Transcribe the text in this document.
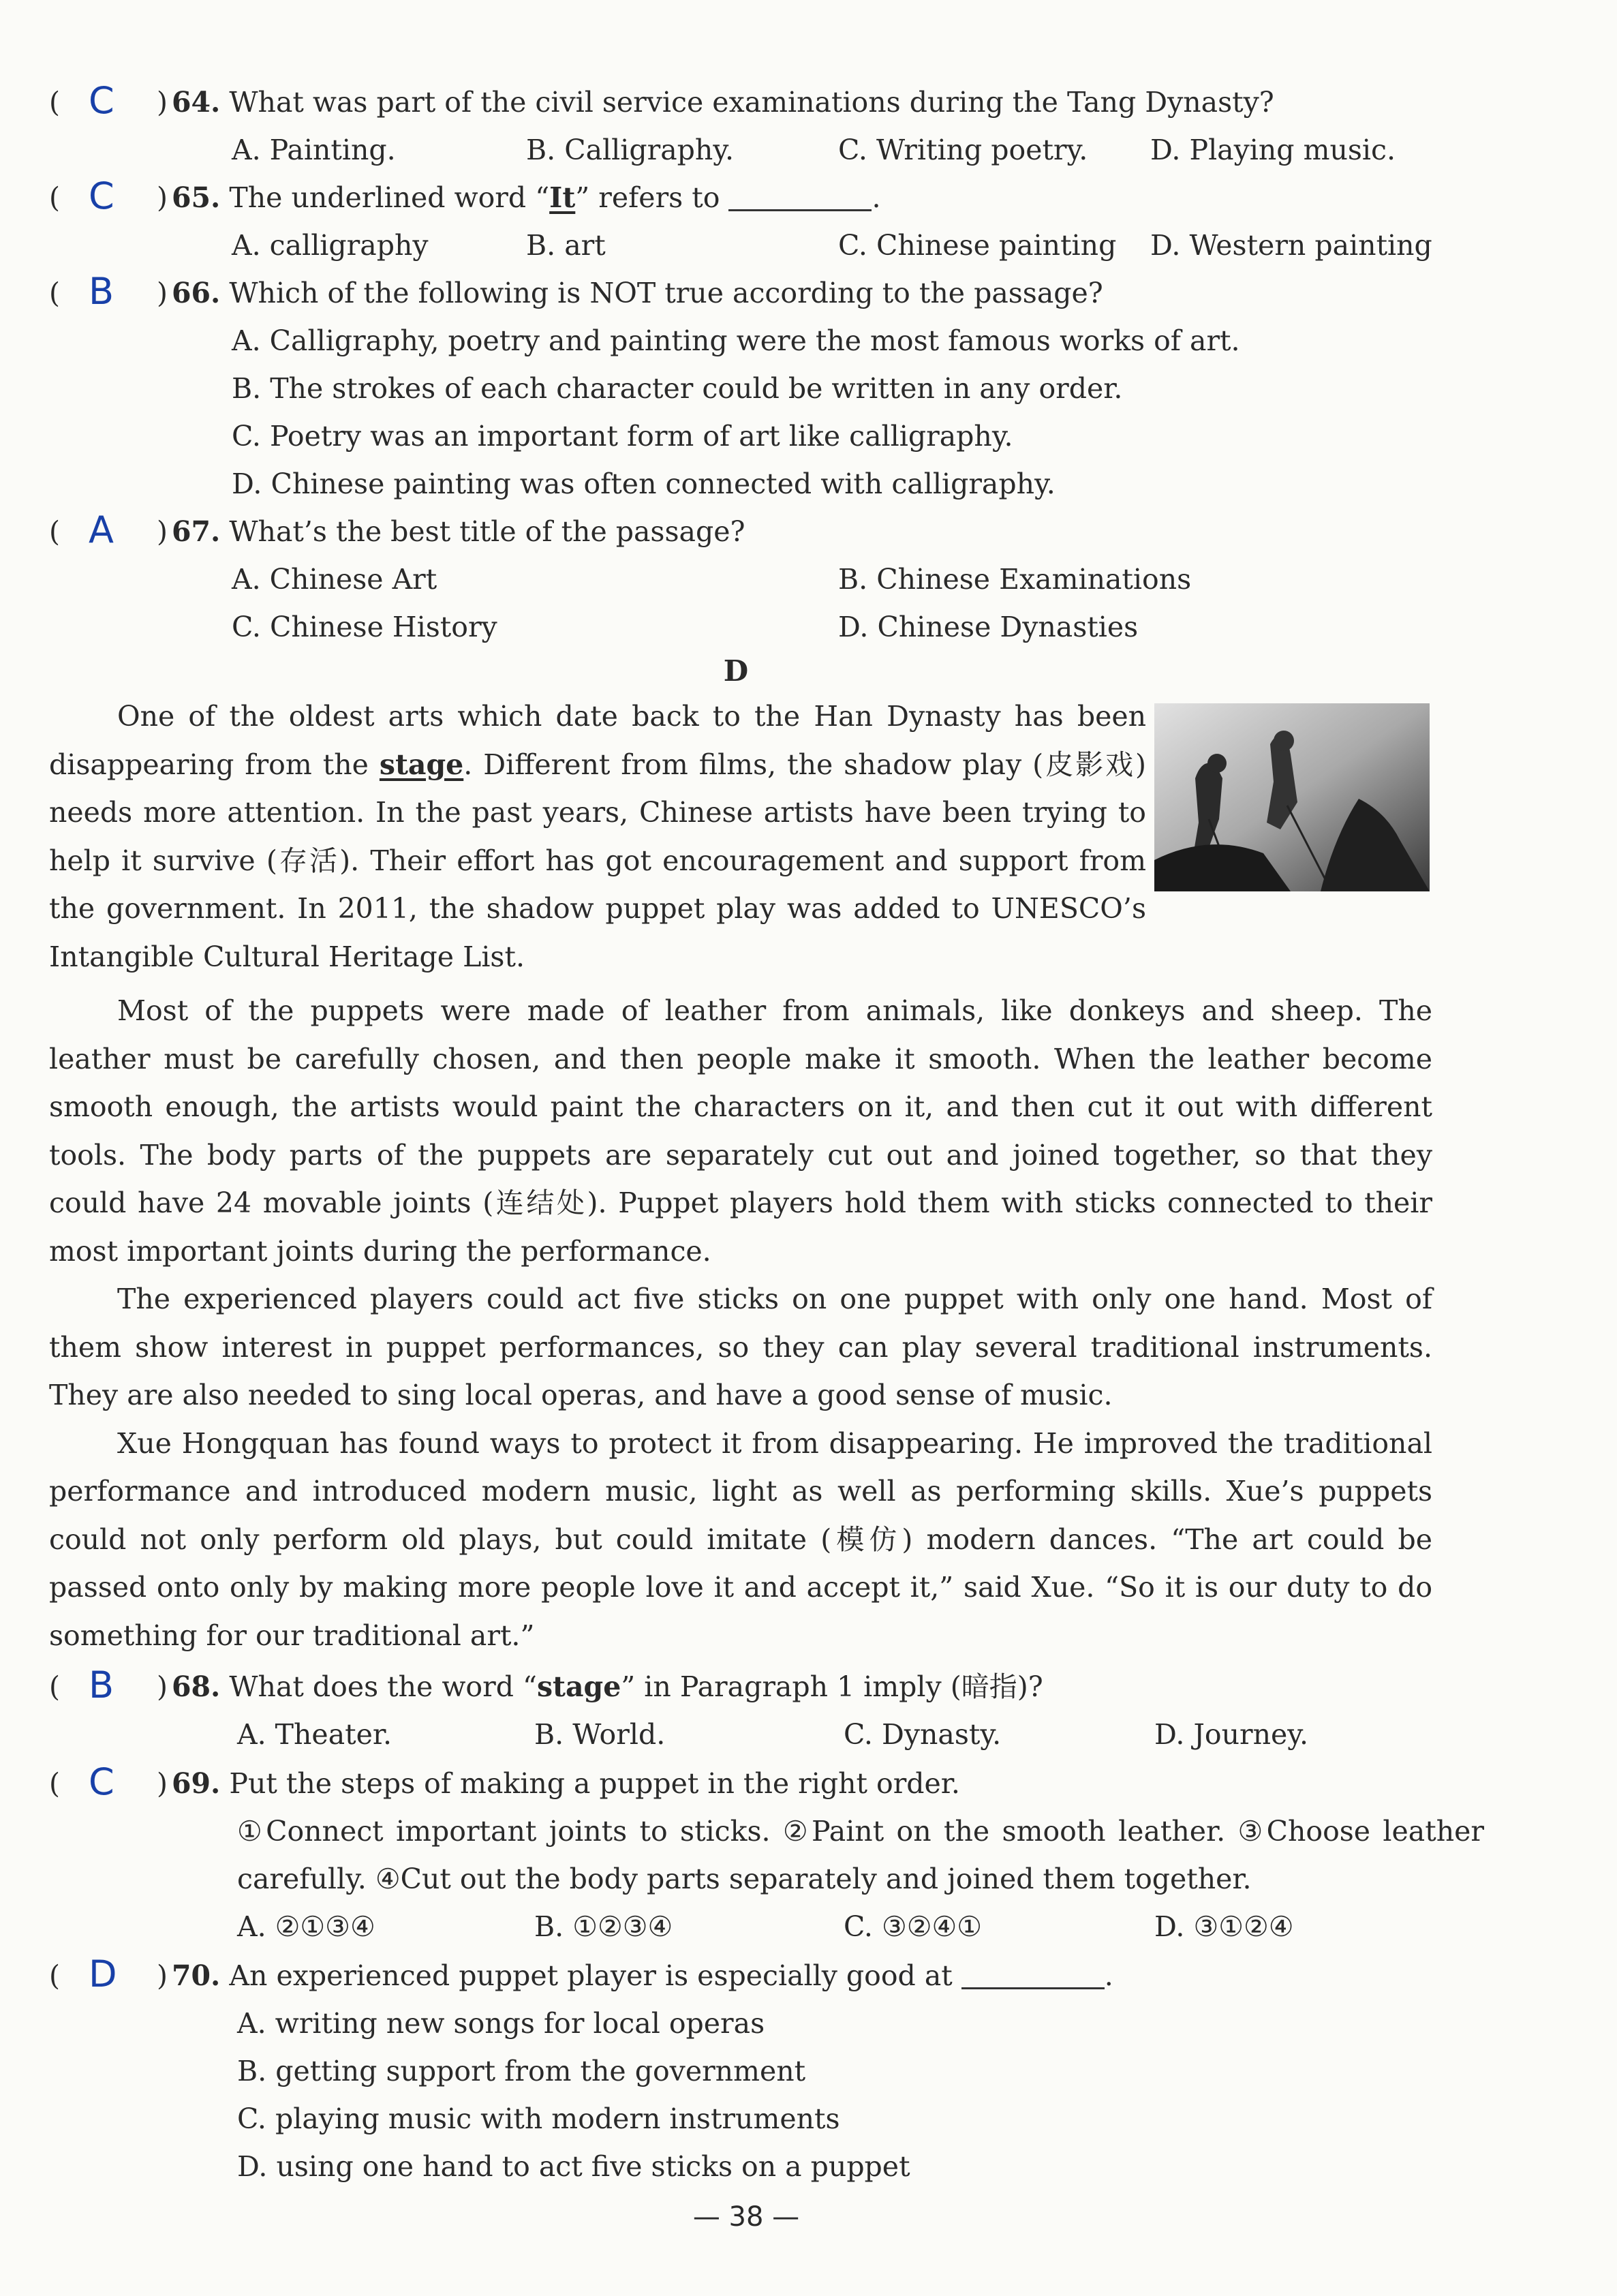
( C ) 64. What was part of the civil service examinations during the Tang Dynasty?
A. Painting.	B. Calligraphy.	C. Writing poetry. D. Playing music.
( C ) 65. The underlined word “It” refers to	.
A. calligraphy	B. art	C. Chinese painting D. Western painting
( B ) 66. Which of the following is NOT true according to the passage?
A. Calligraphy, poetry and painting were the most famous works of art.
B. The strokes of each character could be written in any order.
C. Poetry was an important form of art like calligraphy.
D. Chinese painting was often connected with calligraphy.
( A ) 67. What’s the best title of the passage?
A. Chinese Art	B. Chinese Examinations
C. Chinese History	D. Chinese Dynasties
D

One of the oldest arts which date back to the Han Dynasty has been disappearing from the stage. Different from films, the shadow play (皮影戏) needs more attention. In the past years, Chinese artists have been trying to help it survive (存活). Their effort has got encouragement and support from the government. In 2011, the shadow puppet play was added to UNESCO’s Intangible Cultural Heritage List.

Most of the puppets were made of leather from animals, like donkeys and sheep. The leather must be carefully chosen, and then people make it smooth. When the leather become smooth enough, the artists would paint the characters on it, and then cut it out with different tools. The body parts of the puppets are separately cut out and joined together, so that they could have 24 movable joints (连结处). Puppet players hold them with sticks connected to their most important joints during the performance.

The experienced players could act five sticks on one puppet with only one hand. Most of them show interest in puppet performances, so they can play several traditional instruments. They are also needed to sing local operas, and have a good sense of music.

Xue Hongquan has found ways to protect it from disappearing. He improved the traditional performance and introduced modern music, light as well as performing skills. Xue’s puppets could not only perform old plays, but could imitate (模仿) modern dances. “The art could be passed onto only by making more people love it and accept it,” said Xue. “So it is our duty to do something for our traditional art.”

( B ) 68. What does the word “stage” in Paragraph 1 imply (暗指)?
A. Theater.	B. World.	C. Dynasty.	D. Journey.
( C ) 69. Put the steps of making a puppet in the right order.
①Connect important joints to sticks. ②Paint on the smooth leather. ③Choose leather carefully. ④Cut out the body parts separately and joined them together.
A. ②①③④	B. ①②③④	C. ③②④①	D. ③①②④
( D ) 70. An experienced puppet player is especially good at	.
A. writing new songs for local operas
B. getting support from the government
C. playing music with modern instruments
D. using one hand to act five sticks on a puppet
— 38 —
